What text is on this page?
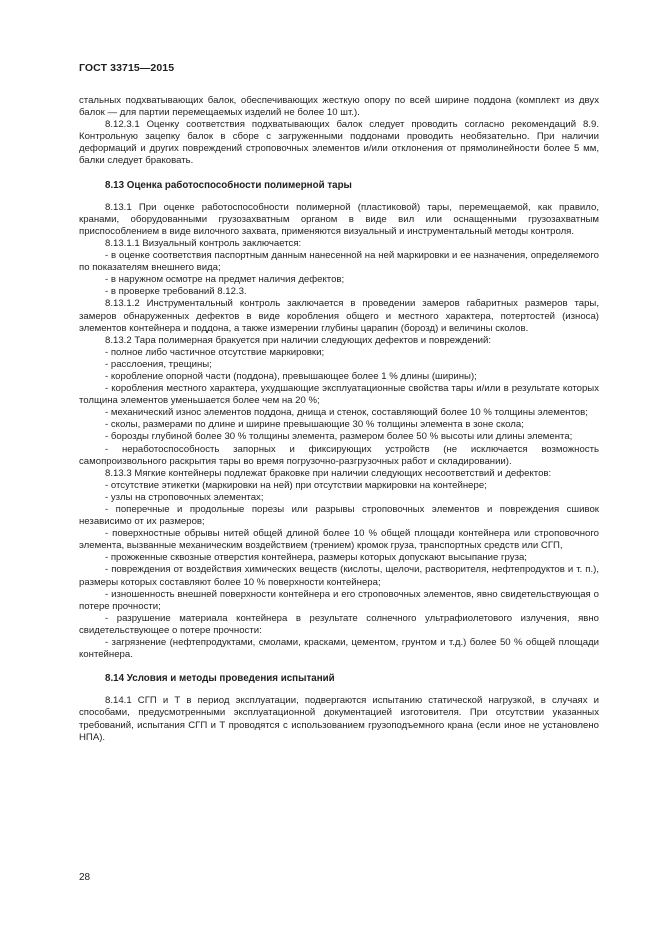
ГОСТ 33715—2015

стальных подхватывающих балок, обеспечивающих жесткую опору по всей ширине поддона (комплект из двух балок — для партии перемещаемых изделий не более 10 шт.).

8.12.3.1 Оценку соответствия подхватывающих балок следует проводить согласно рекомендаций 8.9. Контрольную зацепку балок в сборе с загруженными поддонами проводить необязательно. При наличии деформаций и других повреждений строповочных элементов и/или отклонения от прямолинейности более 5 мм, балки следует браковать.

8.13 Оценка работоспособности полимерной тары

8.13.1 При оценке работоспособности полимерной (пластиковой) тары, перемещаемой, как правило, кранами, оборудованными грузозахватным органом в виде вил или оснащенными грузозахватным приспособлением в виде вилочного захвата, применяются визуальный и инструментальный методы контроля.

8.13.1.1 Визуальный контроль заключается:

- в оценке соответствия паспортным данным нанесенной на ней маркировки и ее назначения, определяемого по показателям внешнего вида;

- в наружном осмотре на предмет наличия дефектов;

- в проверке требований 8.12.3.

8.13.1.2 Инструментальный контроль заключается в проведении замеров габаритных размеров тары, замеров обнаруженных дефектов в виде коробления общего и местного характера, потертостей (износа) элементов контейнера и поддона, а также измерении глубины царапин (борозд) и величины сколов.

8.13.2 Тара полимерная бракуется при наличии следующих дефектов и повреждений:

- полное либо частичное отсутствие маркировки;

- расслоения, трещины;

- коробление опорной части (поддона), превышающее более 1 % длины (ширины);

- коробления местного характера, ухудшающие эксплуатационные свойства тары и/или в результате которых толщина элементов уменьшается более чем на 20 %;

- механический износ элементов поддона, днища и стенок, составляющий более 10 % толщины элементов;

- сколы, размерами по длине и ширине превышающие 30 % толщины элемента в зоне скола;

- борозды глубиной более 30 % толщины элемента, размером более 50 % высоты или длины элемента;

- неработоспособность запорных и фиксирующих устройств (не исключается возможность самопроизвольного раскрытия тары во время погрузочно-разгрузочных работ и складировании).

8.13.3 Мягкие контейнеры подлежат браковке при наличии следующих несоответствий и дефектов:

- отсутствие этикетки (маркировки на ней) при отсутствии маркировки на контейнере;

- узлы на строповочных элементах;

- поперечные и продольные порезы или разрывы строповочных элементов и повреждения сшивок независимо от их размеров;

- поверхностные обрывы нитей общей длиной более 10 % общей площади контейнера или строповочного элемента, вызванные механическим воздействием (трением) кромок груза, транспортных средств или СГП,

- прожженные сквозные отверстия контейнера, размеры которых допускают высыпание груза;

- повреждения от воздействия химических веществ (кислоты, щелочи, растворителя, нефтепродуктов и т. п.), размеры которых составляют более 10 % поверхности контейнера;

- изношенность внешней поверхности контейнера и его строповочных элементов, явно свидетельствующая о потере прочности;

- разрушение материала контейнера в результате солнечного ультрафиолетового излучения, явно свидетельствующее о потере прочности:

- загрязнение (нефтепродуктами, смолами, красками, цементом, грунтом и т.д.) более 50 % общей площади контейнера.

8.14 Условия и методы проведения испытаний

8.14.1 СГП и Т в период эксплуатации, подвергаются испытанию статической нагрузкой, в случаях и способами, предусмотренными эксплуатационной документацией изготовителя. При отсутствии указанных требований, испытания СГП и Т проводятся с использованием грузоподъемного крана (если иное не установлено НПА).

28
